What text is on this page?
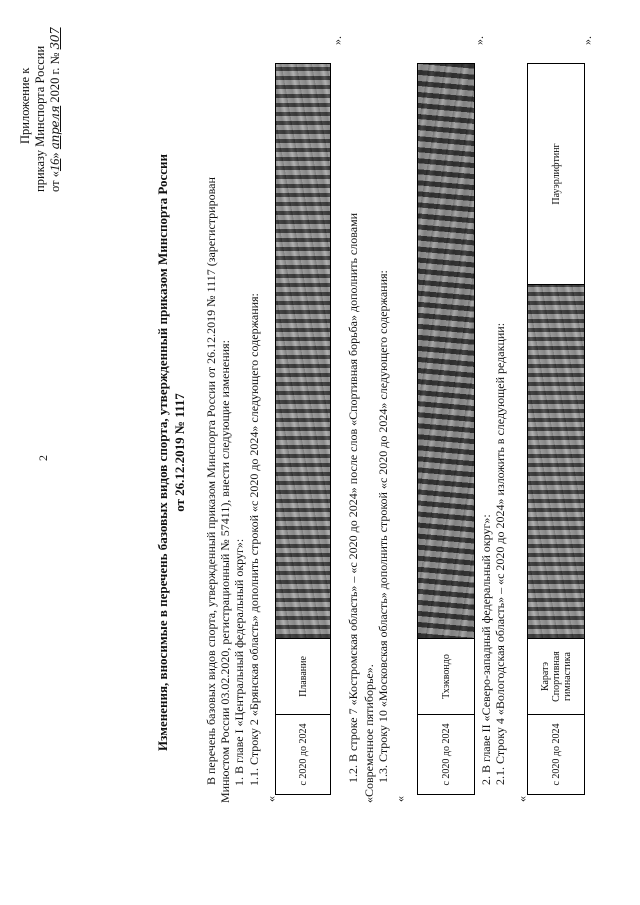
2
Приложение к приказу Минспорта России от «16» апреля 2020 г. № 307
Изменения, вносимые в перечень базовых видов спорта, утвержденный приказом Минспорта России от 26.12.2019 № 1117 В перечень базовых видов спорта, утвержденный приказом Минспорта России от 26.12.2019 № 1117 (зарегистрирован Минюстом России 03.02.2020, регистрационный № 57411), внести следующие изменения: 1. В главе I «Центральный федеральный округ»: 1.1. Строку 2 «Брянская область» дополнить строкой «с 2020 до 2024» следующего содержания:
«
с 2020 до 2024
Плавание
».
1.2. В строке 7 «Костромская область» – «с 2020 до 2024» после слов «Спортивная борьба» дополнить словами «Современное пятиборье». 1.3. Строку 10 «Московская область» дополнить строкой «с 2020 до 2024» следующего содержания:
«
с 2020 до 2024
Тхэквондо
».
2. В главе II «Северо-западный федеральный округ»: 2.1. Строку 4 «Вологодская область» – «с 2020 до 2024» изложить в следующей редакции:
«
с 2020 до 2024
Каратэ Спортивная гимнастика
Пауэрлифтинг
».
